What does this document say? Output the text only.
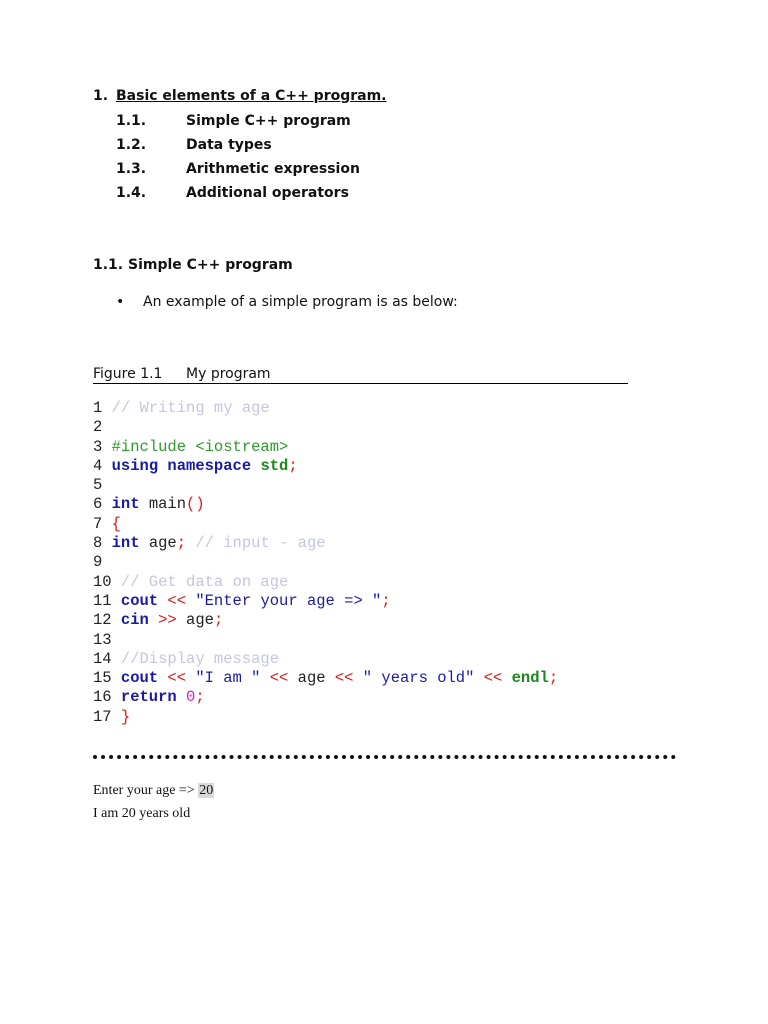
1. Basic elements of a C++ program.
1.1.	Simple C++ program
1.2.	Data types
1.3.	Arithmetic expression
1.4.	Additional operators
1.1. Simple C++ program
• An example of a simple program is as below:
Figure 1.1 My program
1 // Writing my age
2
3 #include <iostream>
4 using namespace std;
5
6 int main()
7 {
8 int age; // input - age
9
10 // Get data on age
11 cout << "Enter your age => ";
12 cin >> age;
13
14 //Display message
15 cout << "I am " << age << " years old" << endl;
16 return 0;
17 }
Enter your age => 20
I am 20 years old
